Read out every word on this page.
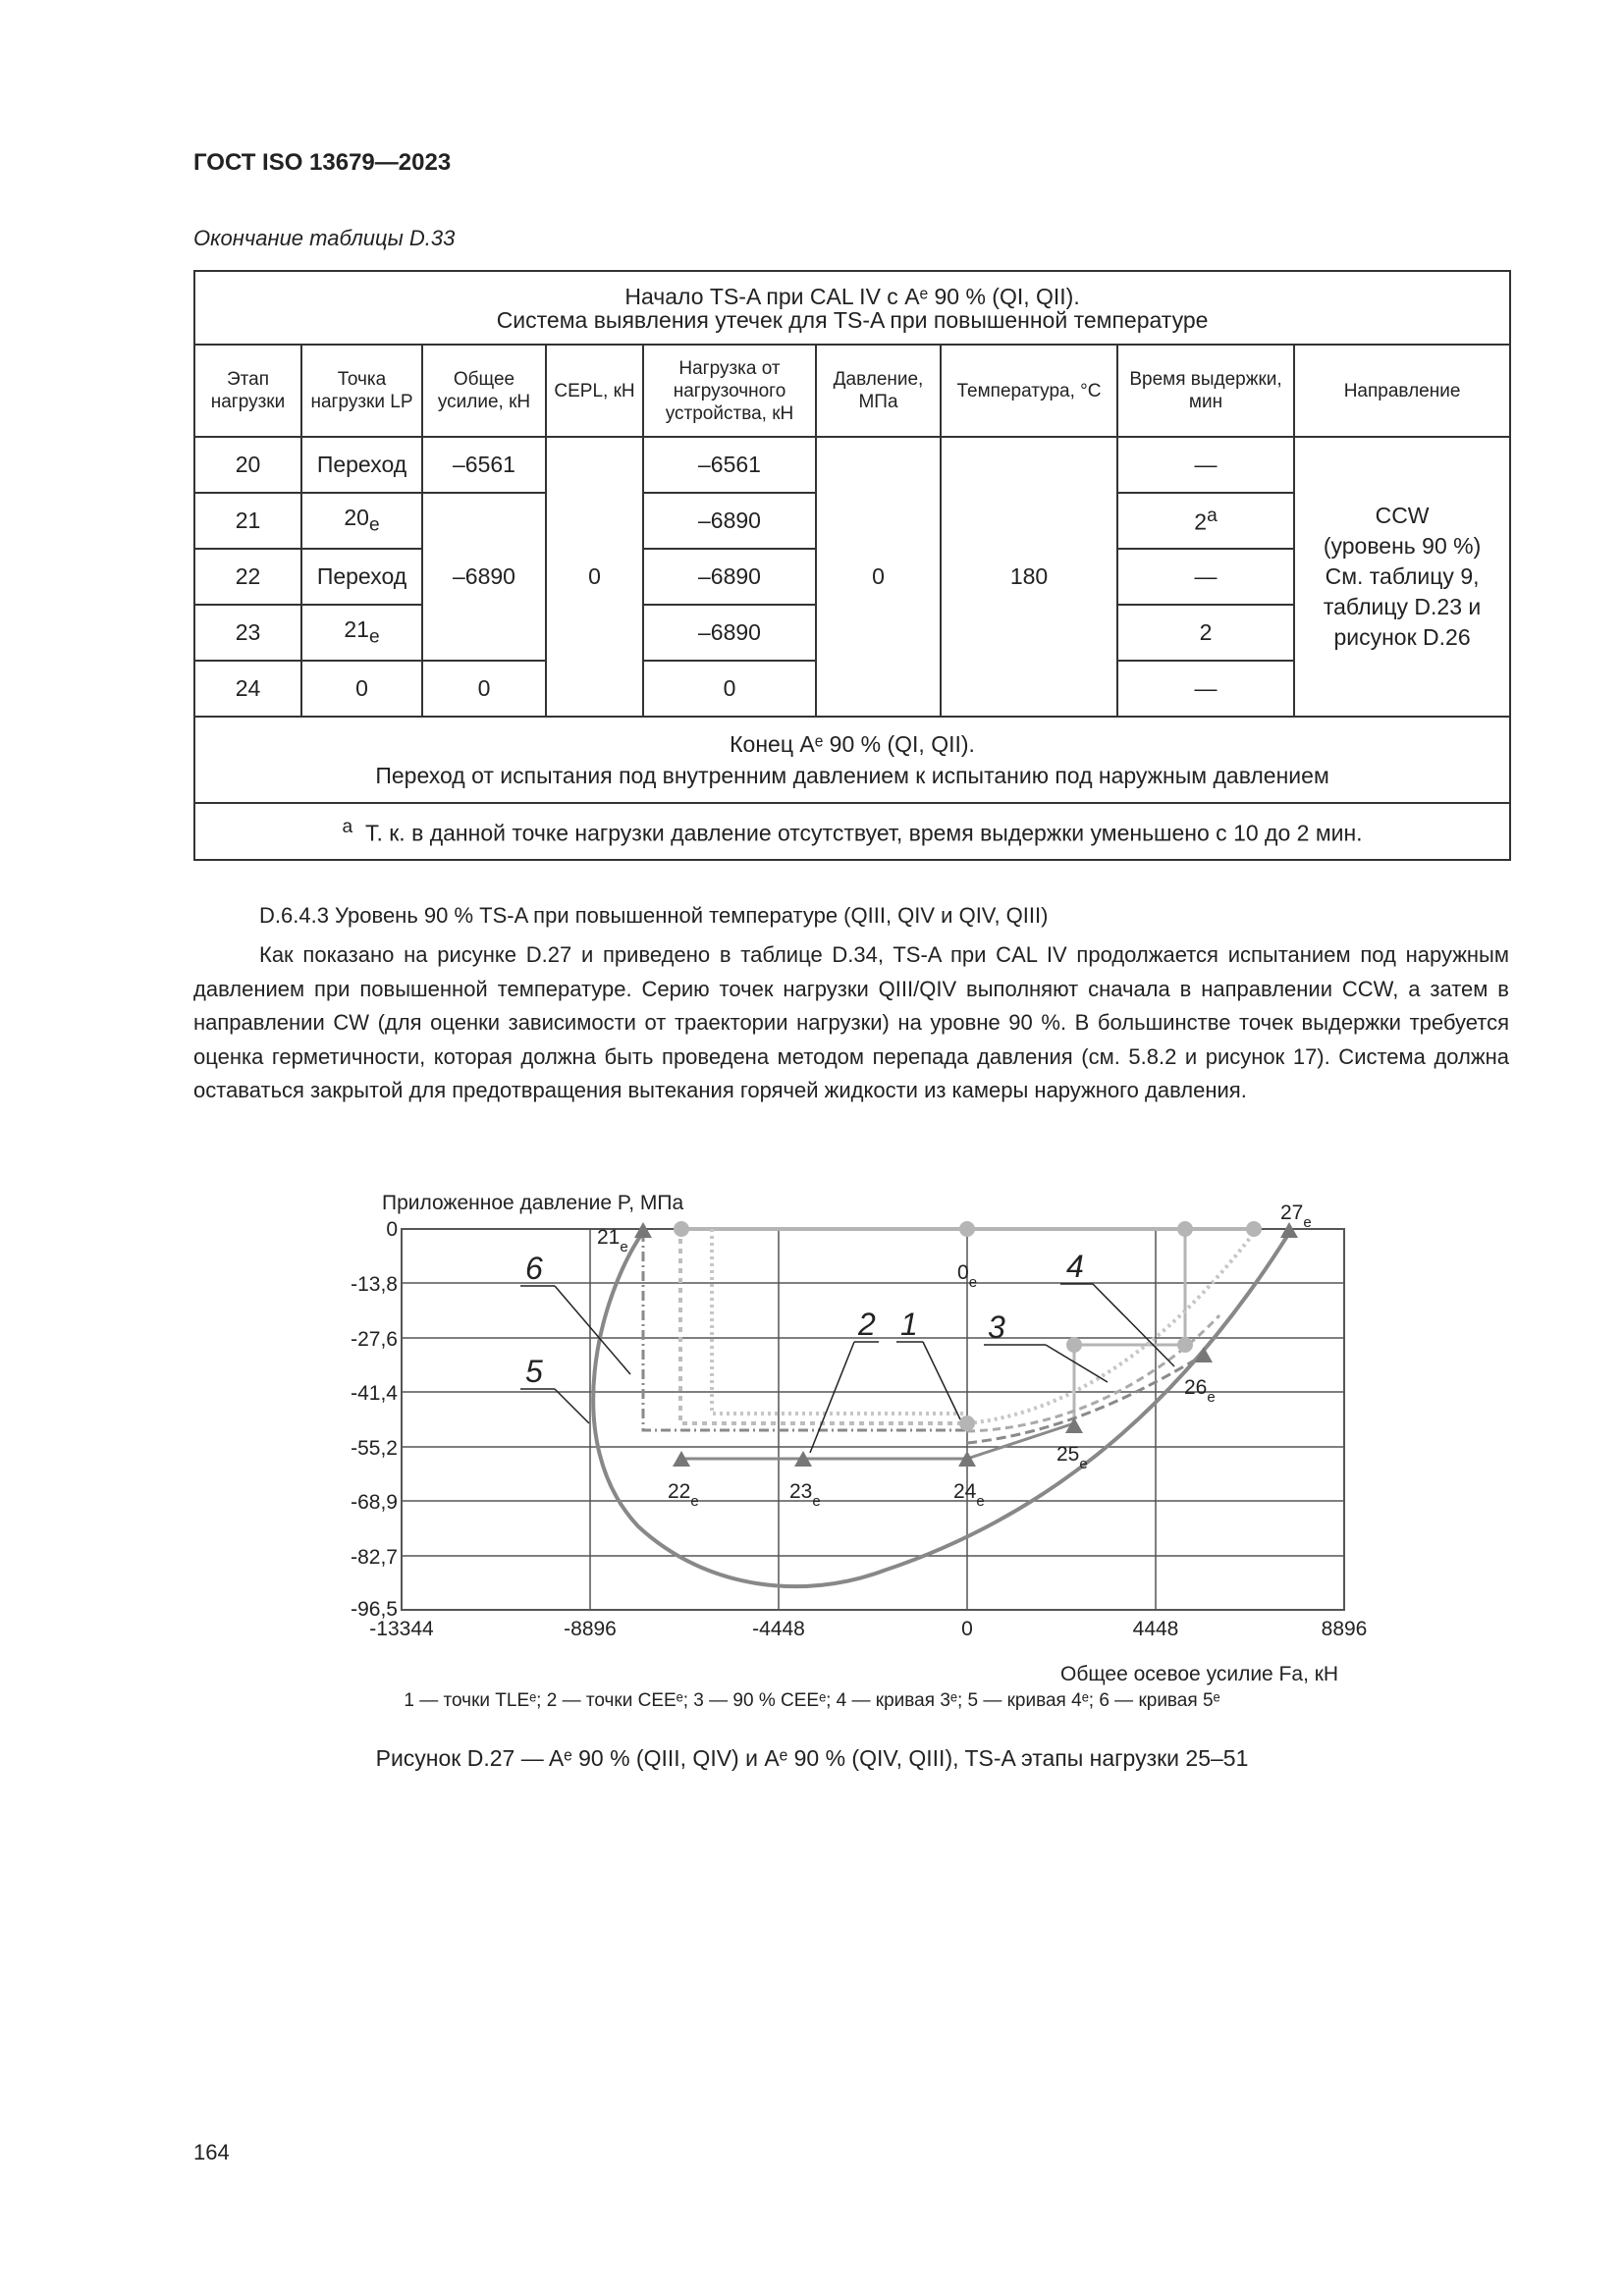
ГОСТ ISO 13679—2023
Окончание таблицы D.33
Начало TS-A при CAL IV с Aᵉ 90 % (QI, QII).
Система выявления утечек для TS-A при повышенной температуре								
Этап нагрузки	Точка нагрузки LP	Общее усилие, кН	CEPL, кН	Нагрузка от нагрузочного устройства, кН	Давление, МПа	Температура, °С	Время выдержки, мин	Направление
20	Переход	–6561	0	–6561	0	180	—	CCW
(уровень 90 %)
См. таблицу 9,
таблицу D.23 и
рисунок D.26
21	$20_е$	–6890		–6890			2$^a$
22	Переход			–6890			—	
23	$21_е$			–6890			2	
24	0	0		0			—	
Конец Aᵉ 90 % (QI, QII).
Переход от испытания под внутренним давлением к испытанию под наружным давлением								
$^a$ Т. к. в данной точке нагрузки давление отсутствует, время выдержки уменьшено с 10 до 2 мин.								
D.6.4.3 Уровень 90 % TS-A при повышенной температуре (QIII, QIV и QIV, QIII)
Как показано на рисунке D.27 и приведено в таблице D.34, TS-A при CAL IV продолжается испытанием под наружным давлением при повышенной температуре. Серию точек нагрузки QIII/QIV выполняют сначала в направлении CCW, а затем в направлении CW (для оценки зависимости от траектории нагрузки) на уровне 90 %. В большинстве точек выдержки требуется оценка герметичности, которая должна быть проведена методом перепада давления (см. 5.8.2 и рисунок 17). Система должна оставаться закрытой для предотвращения вытекания горячей жидкости из камеры наружного давления.
Приложенное давление P, МПа
Общее осевое усилие Fa, кН
0
-13,8
-27,6
-41,4
-55,2
-68,9
-82,7
-96,5
-13344	-8896	-4448	0	4448	8896
$21_е$
$0_е$
$27_е$
$26_е$
$25_е$
$22_е$	$23_е$	$24_е$
6
2 1 3
4
5
1 — точки TLEᵉ; 2 — точки CEEᵉ; 3 — 90 % CEEᵉ; 4 — кривая 3ᵉ; 5 — кривая 4ᵉ; 6 — кривая 5ᵉ
Рисунок D.27 — Aᵉ 90 % (QIII, QIV) и Aᵉ 90 % (QIV, QIII), TS-A этапы нагрузки 25–51
164
